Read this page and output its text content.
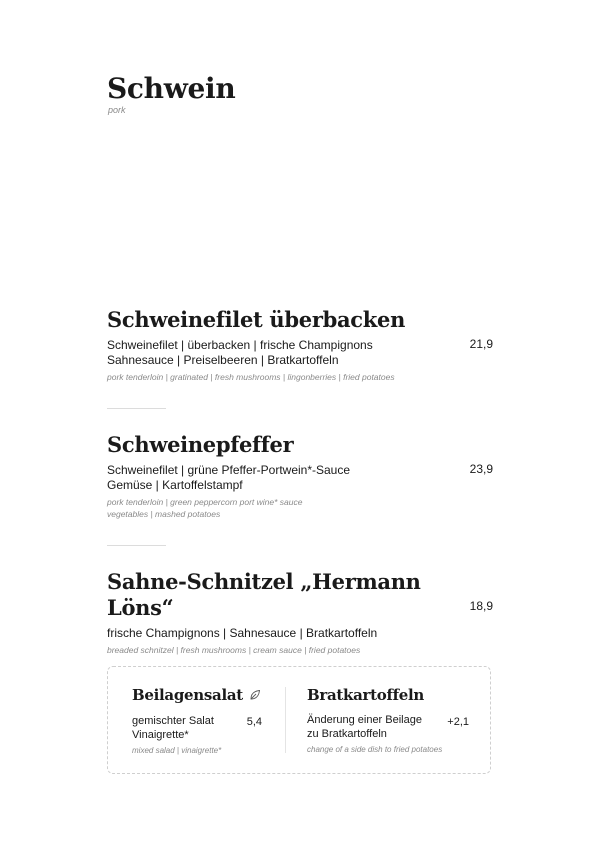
Schwein
pork
Schweinefilet überbacken
21,9
Schweinefilet | überbacken | frische Champignons
Sahnesauce | Preiselbeeren | Bratkartoffeln
pork tenderloin | gratinated | fresh mushrooms | lingonberries | fried potatoes
Schweinepfeffer
23,9
Schweinefilet | grüne Pfeffer-Portwein*-Sauce
Gemüse | Kartoffelstampf
pork tenderloin | green peppercorn port wine* sauce
vegetables | mashed potatoes
Sahne-Schnitzel „Hermann Löns“	18,9
frische Champignons | Sahnesauce | Bratkartoffeln
breaded schnitzel | fresh mushrooms | cream sauce | fried potatoes
Beilagensalat
5,4
gemischter Salat
Vinaigrette*
mixed salad | vinaigrette*
Bratkartoffeln
+2,1
Änderung einer Beilage
zu Bratkartoffeln
change of a side dish to fried potatoes
